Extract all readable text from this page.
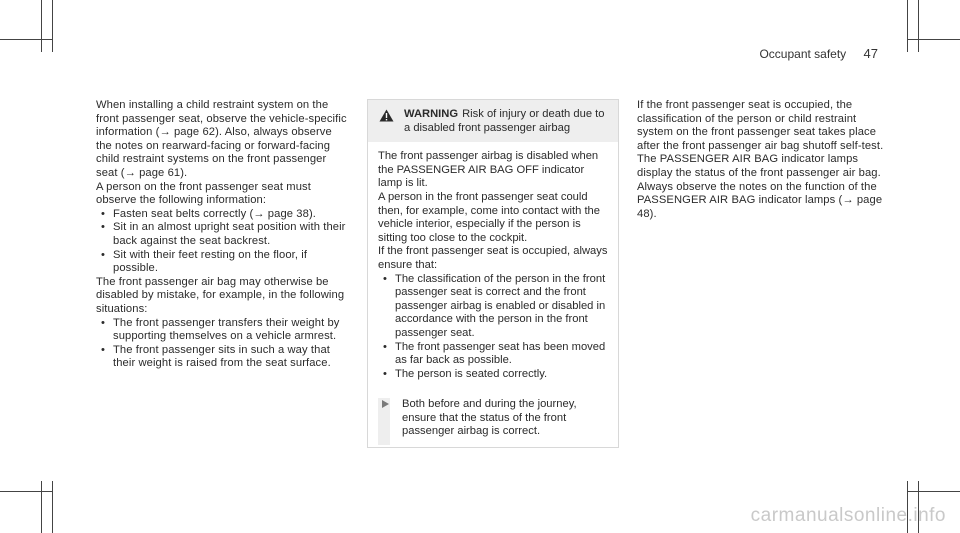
Occupant safety 47

When installing a child restraint system on the front passenger seat, observe the vehicle-specific information (→ page 62). Also, always observe the notes on rearward-facing or forward-facing child restraint systems on the front passenger seat (→ page 61).

A person on the front passenger seat must observe the following information:

• Fasten seat belts correctly (→ page 38).
• Sit in an almost upright seat position with their back against the seat backrest.
• Sit with their feet resting on the floor, if possible.

The front passenger air bag may otherwise be disabled by mistake, for example, in the following situations:

• The front passenger transfers their weight by supporting themselves on a vehicle armrest.
• The front passenger sits in such a way that their weight is raised from the seat surface.
WARNING Risk of injury or death due to a disabled front passenger airbag

The front passenger airbag is disabled when the PASSENGER AIR BAG OFF indicator lamp is lit.

A person in the front passenger seat could then, for example, come into contact with the vehicle interior, especially if the person is sitting too close to the cockpit.

If the front passenger seat is occupied, always ensure that:

• The classification of the person in the front passenger seat is correct and the front passenger airbag is enabled or disabled in accordance with the person in the front passenger seat.
• The front passenger seat has been moved as far back as possible.
• The person is seated correctly.
Both before and during the journey, ensure that the status of the front passenger airbag is correct.

If the front passenger seat is occupied, the classification of the person or child restraint system on the front passenger seat takes place after the front passenger air bag shutoff self-test. The PASSENGER AIR BAG indicator lamps display the status of the front passenger air bag.

Always observe the notes on the function of the PASSENGER AIR BAG indicator lamps (→ page 48).

carmanualsonline.info
